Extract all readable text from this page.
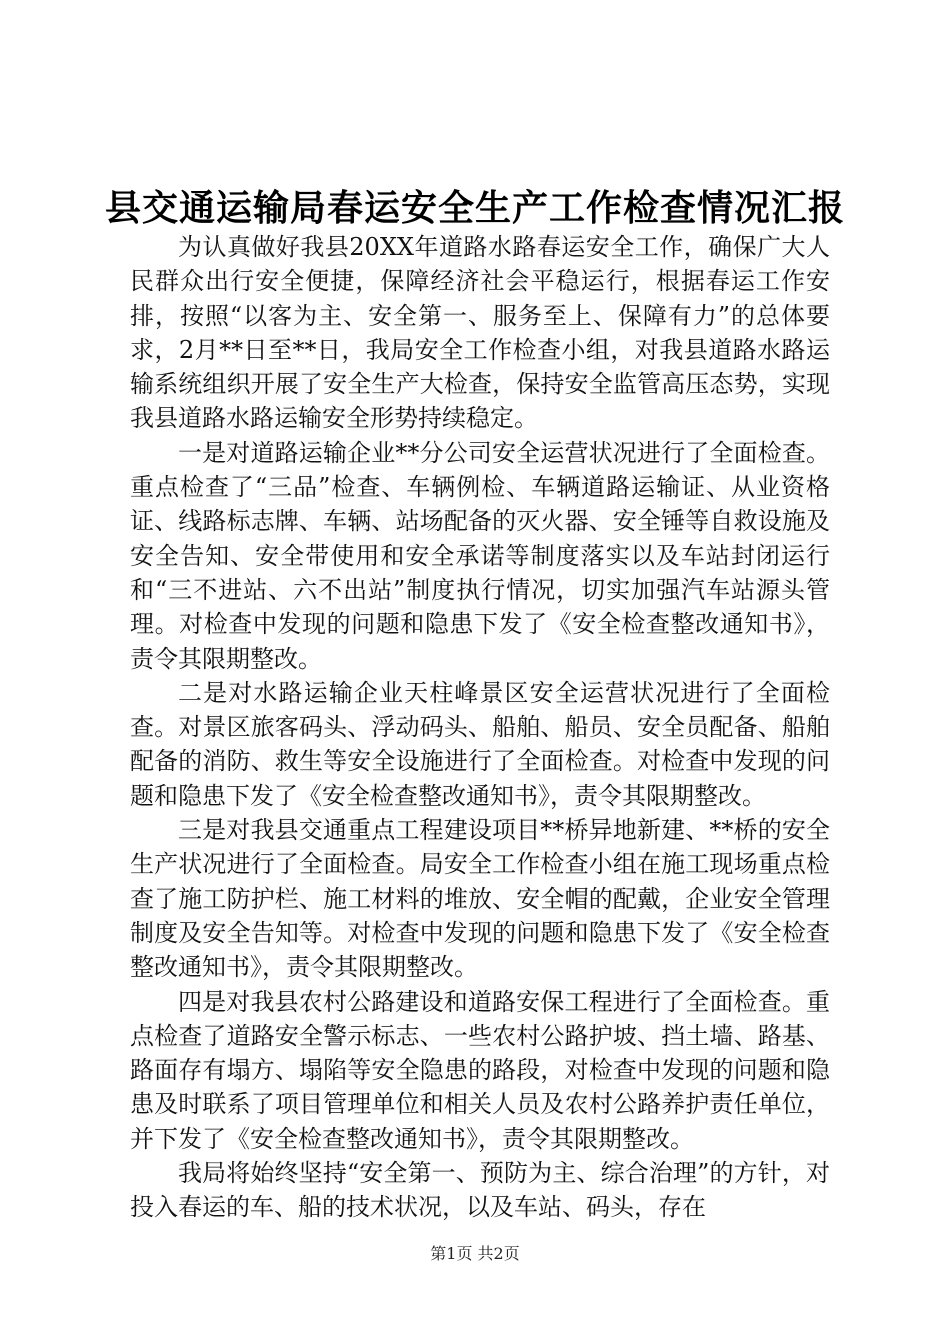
县交通运输局春运安全生产工作检查情况汇报

为认真做好我县20XX年道路水路春运安全工作，确保广大人民群众出行安全便捷，保障经济社会平稳运行，根据春运工作安排，按照“以客为主、安全第一、服务至上、保障有力”的总体要求，2月**日至**日，我局安全工作检查小组，对我县道路水路运输系统组织开展了安全生产大检查，保持安全监管高压态势，实现我县道路水路运输安全形势持续稳定。

一是对道路运输企业**分公司安全运营状况进行了全面检查。重点检查了“三品”检查、车辆例检、车辆道路运输证、从业资格证、线路标志牌、车辆、站场配备的灭火器、安全锤等自救设施及安全告知、安全带使用和安全承诺等制度落实以及车站封闭运行和“三不进站、六不出站”制度执行情况，切实加强汽车站源头管理。对检查中发现的问题和隐患下发了《安全检查整改通知书》，责令其限期整改。

二是对水路运输企业天柱峰景区安全运营状况进行了全面检查。对景区旅客码头、浮动码头、船舶、船员、安全员配备、船舶配备的消防、救生等安全设施进行了全面检查。对检查中发现的问题和隐患下发了《安全检查整改通知书》，责令其限期整改。

三是对我县交通重点工程建设项目**桥异地新建、**桥的安全生产状况进行了全面检查。局安全工作检查小组在施工现场重点检查了施工防护栏、施工材料的堆放、安全帽的配戴，企业安全管理制度及安全告知等。对检查中发现的问题和隐患下发了《安全检查整改通知书》，责令其限期整改。

四是对我县农村公路建设和道路安保工程进行了全面检查。重点检查了道路安全警示标志、一些农村公路护坡、挡土墙、路基、路面存有塌方、塌陷等安全隐患的路段，对检查中发现的问题和隐患及时联系了项目管理单位和相关人员及农村公路养护责任单位，并下发了《安全检查整改通知书》，责令其限期整改。

我局将始终坚持“安全第一、预防为主、综合治理”的方针，对投入春运的车、船的技术状况，以及车站、码头，存在

第1页 共2页
